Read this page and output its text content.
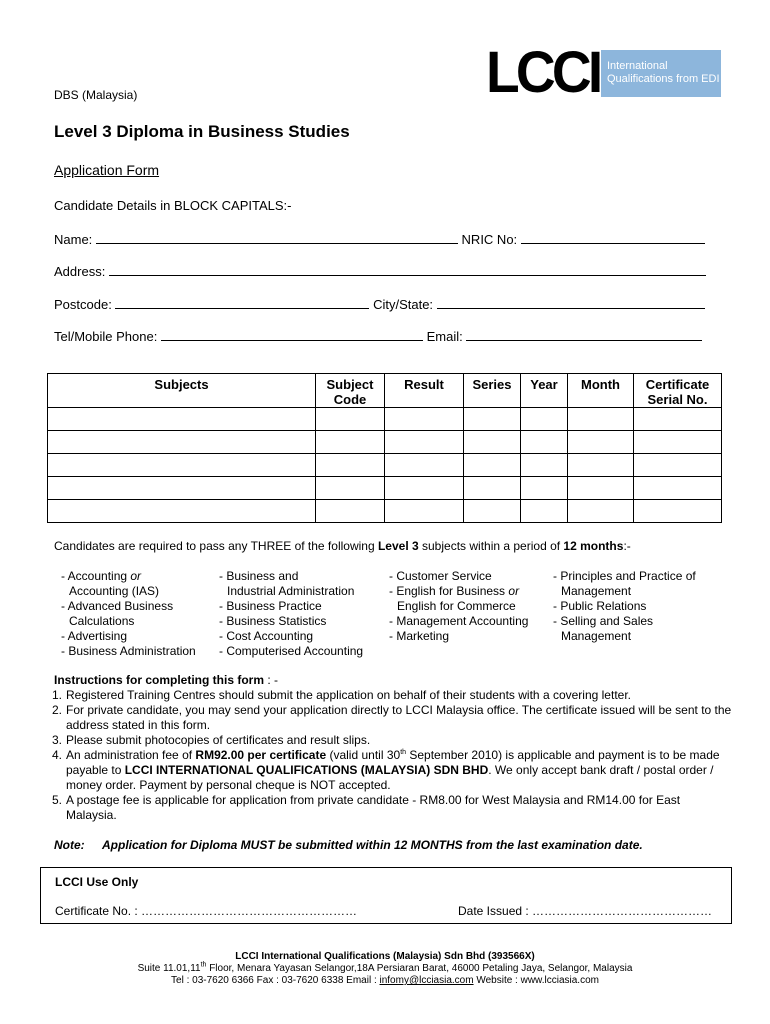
DBS (Malaysia)	LCCI International
Qualifications from EDI
Level 3 Diploma in Business Studies
Application Form
Candidate Details in BLOCK CAPITALS:-
Name:	NRIC No:
Address:
Postcode:	City/State:
Tel/Mobile Phone:	Email:
Subjects	Subject Code	Result	Series	Year	Month	Certificate Serial No.

Candidates are required to pass any THREE of the following Level 3 subjects within a period of 12 months:-
- Accounting or
Accounting (IAS)
- Advanced Business
Calculations
- Advertising
- Business Administration
- Business and
Industrial Administration
- Business Practice
- Business Statistics
- Cost Accounting
- Computerised Accounting
- Customer Service
- English for Business or
English for Commerce
- Management Accounting
- Marketing
- Principles and Practice of
Management
- Public Relations
- Selling and Sales
Management
Instructions for completing this form : -
1. Registered Training Centres should submit the application on behalf of their students with a covering letter.
2. For private candidate, you may send your application directly to LCCI Malaysia office. The certificate issued will be sent to the address stated in this form.
3. Please submit photocopies of certificates and result slips.
4. An administration fee of RM92.00 per certificate (valid until 30th September 2010) is applicable and payment is to be made payable to LCCI INTERNATIONAL QUALIFICATIONS (MALAYSIA) SDN BHD. We only accept bank draft / postal order / money order. Payment by personal cheque is NOT accepted.
5. A postage fee is applicable for application from private candidate - RM8.00 for West Malaysia and RM14.00 for East Malaysia.
Note: Application for Diploma MUST be submitted within 12 MONTHS from the last examination date.
LCCI Use Only
Certificate No. : ………………………………………………	Date Issued : ………………………………………
LCCI International Qualifications (Malaysia) Sdn Bhd (393566X)
Suite 11.01,11th Floor, Menara Yayasan Selangor,18A Persiaran Barat, 46000 Petaling Jaya, Selangor, Malaysia
Tel : 03-7620 6366 Fax : 03-7620 6338 Email : infomy@lcciasia.com Website : www.lcciasia.com
